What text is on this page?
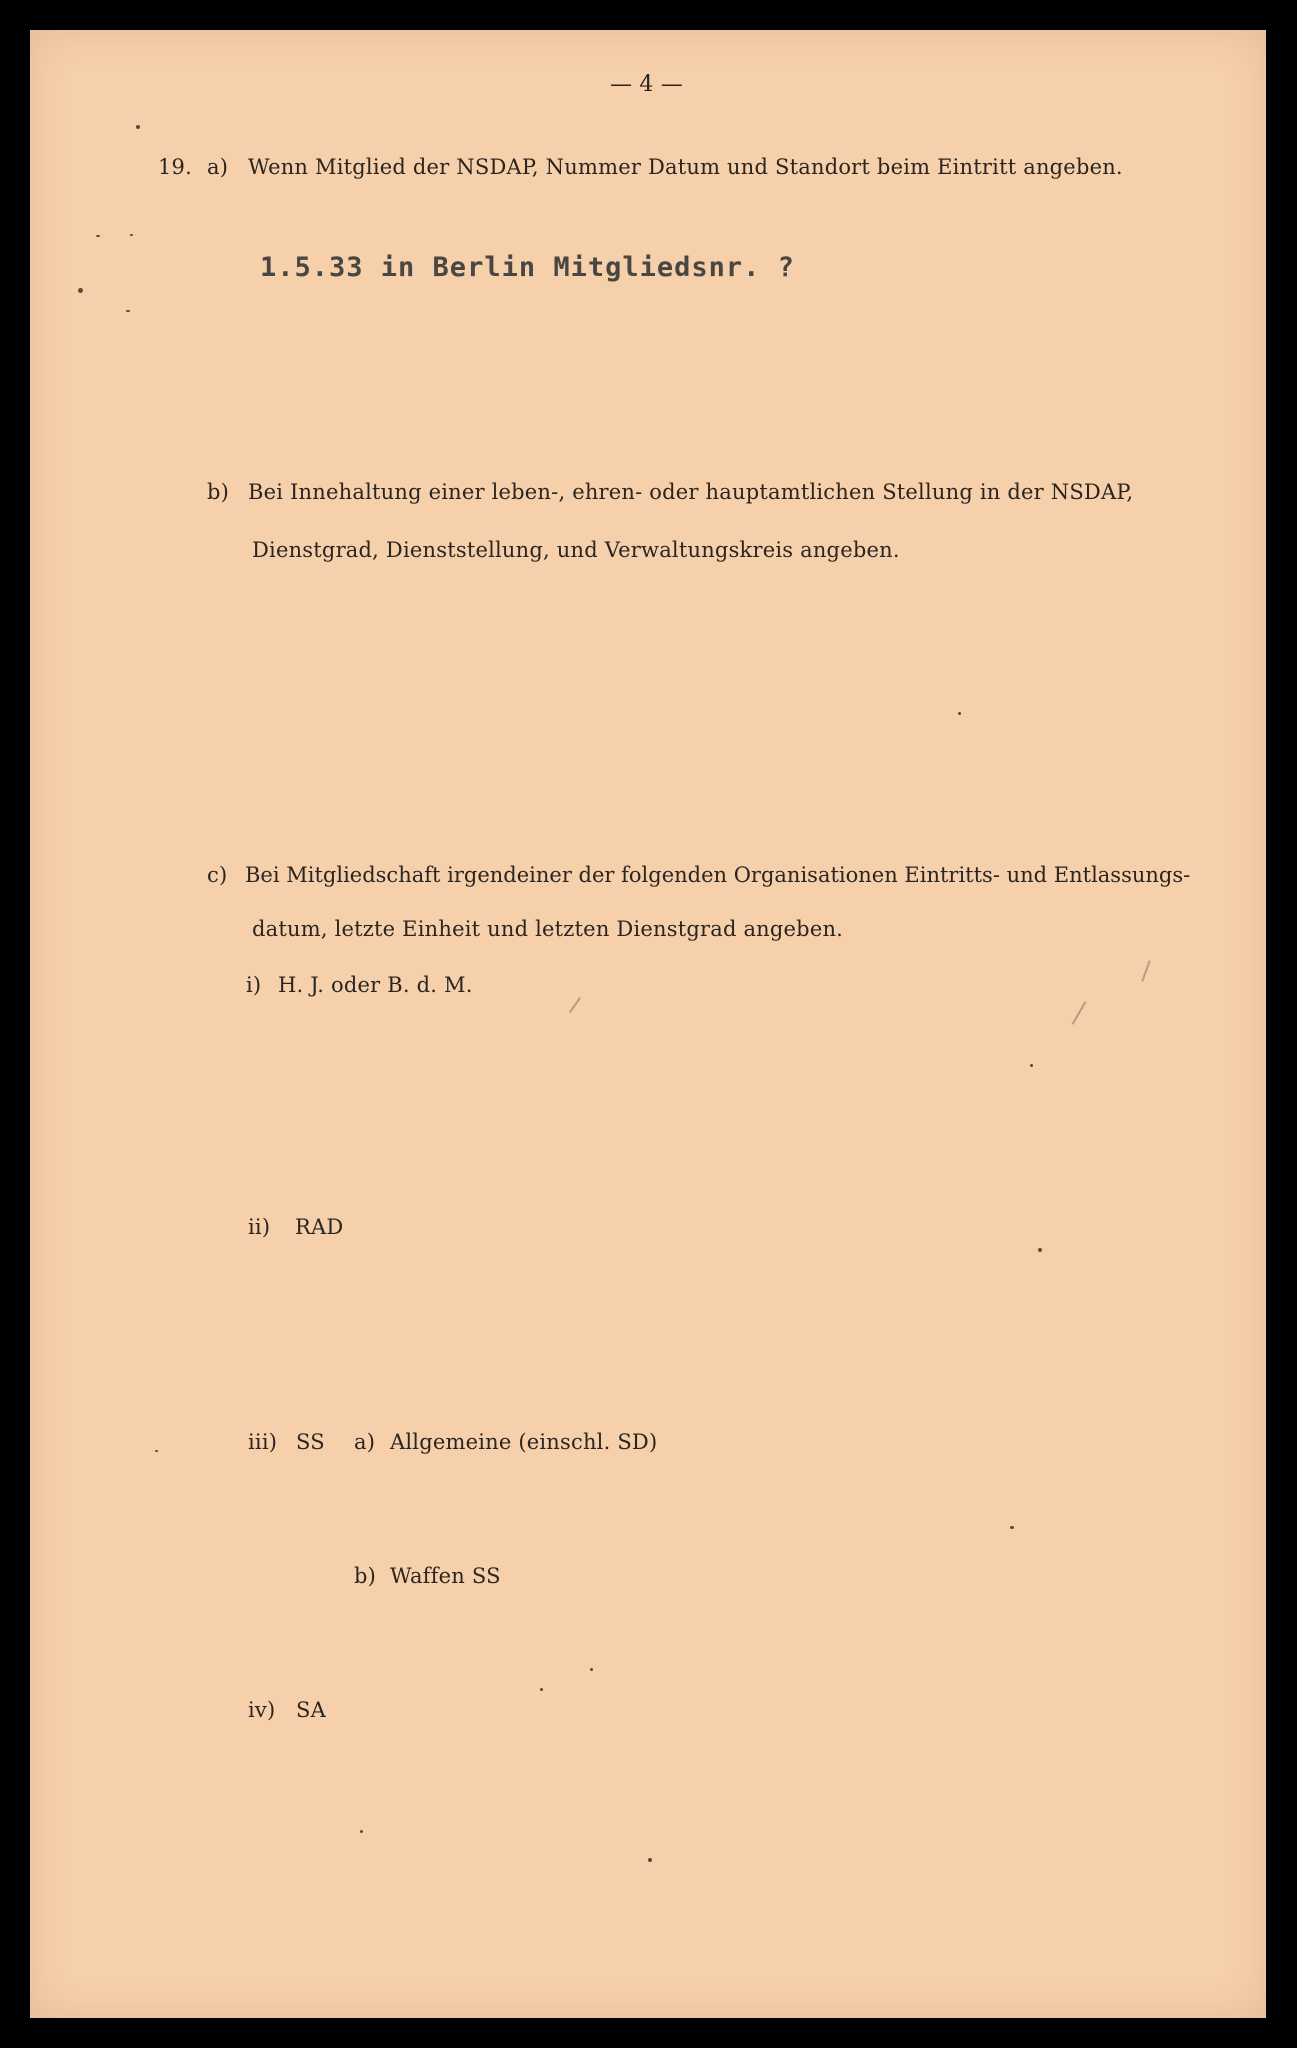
— 4 —
19. a) Wenn Mitglied der NSDAP, Nummer Datum und Standort beim Eintritt angeben.
1.5.33 in Berlin Mitgliedsnr. ?
b) Bei Innehaltung einer leben-, ehren- oder hauptamtlichen Stellung in der NSDAP,
Dienstgrad, Dienststellung, und Verwaltungskreis angeben.
c) Bei Mitgliedschaft irgendeiner der folgenden Organisationen Eintritts- und Entlassungs-
datum, letzte Einheit und letzten Dienstgrad angeben.
i) H. J. oder B. d. M.
ii) RAD
iii) SS a) Allgemeine (einschl. SD)
b) Waffen SS
iv) SA
